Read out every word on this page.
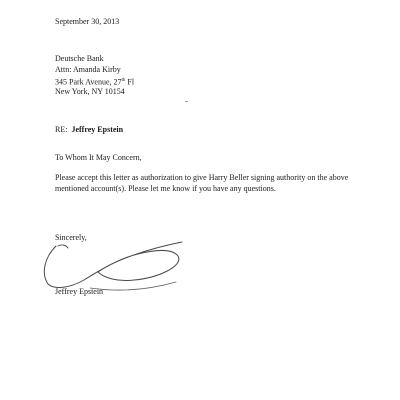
September 30, 2013

Deutsche Bank
Attn: Amanda Kirby
345 Park Avenue, 27th Fl
New York, NY 10154

RE: Jeffrey Epstein

To Whom It May Concern,

Please accept this letter as authorization to give Harry Beller signing authority on the above mentioned account(s). Please let me know if you have any questions.

Sincerely,

Jeffrey Epstein
